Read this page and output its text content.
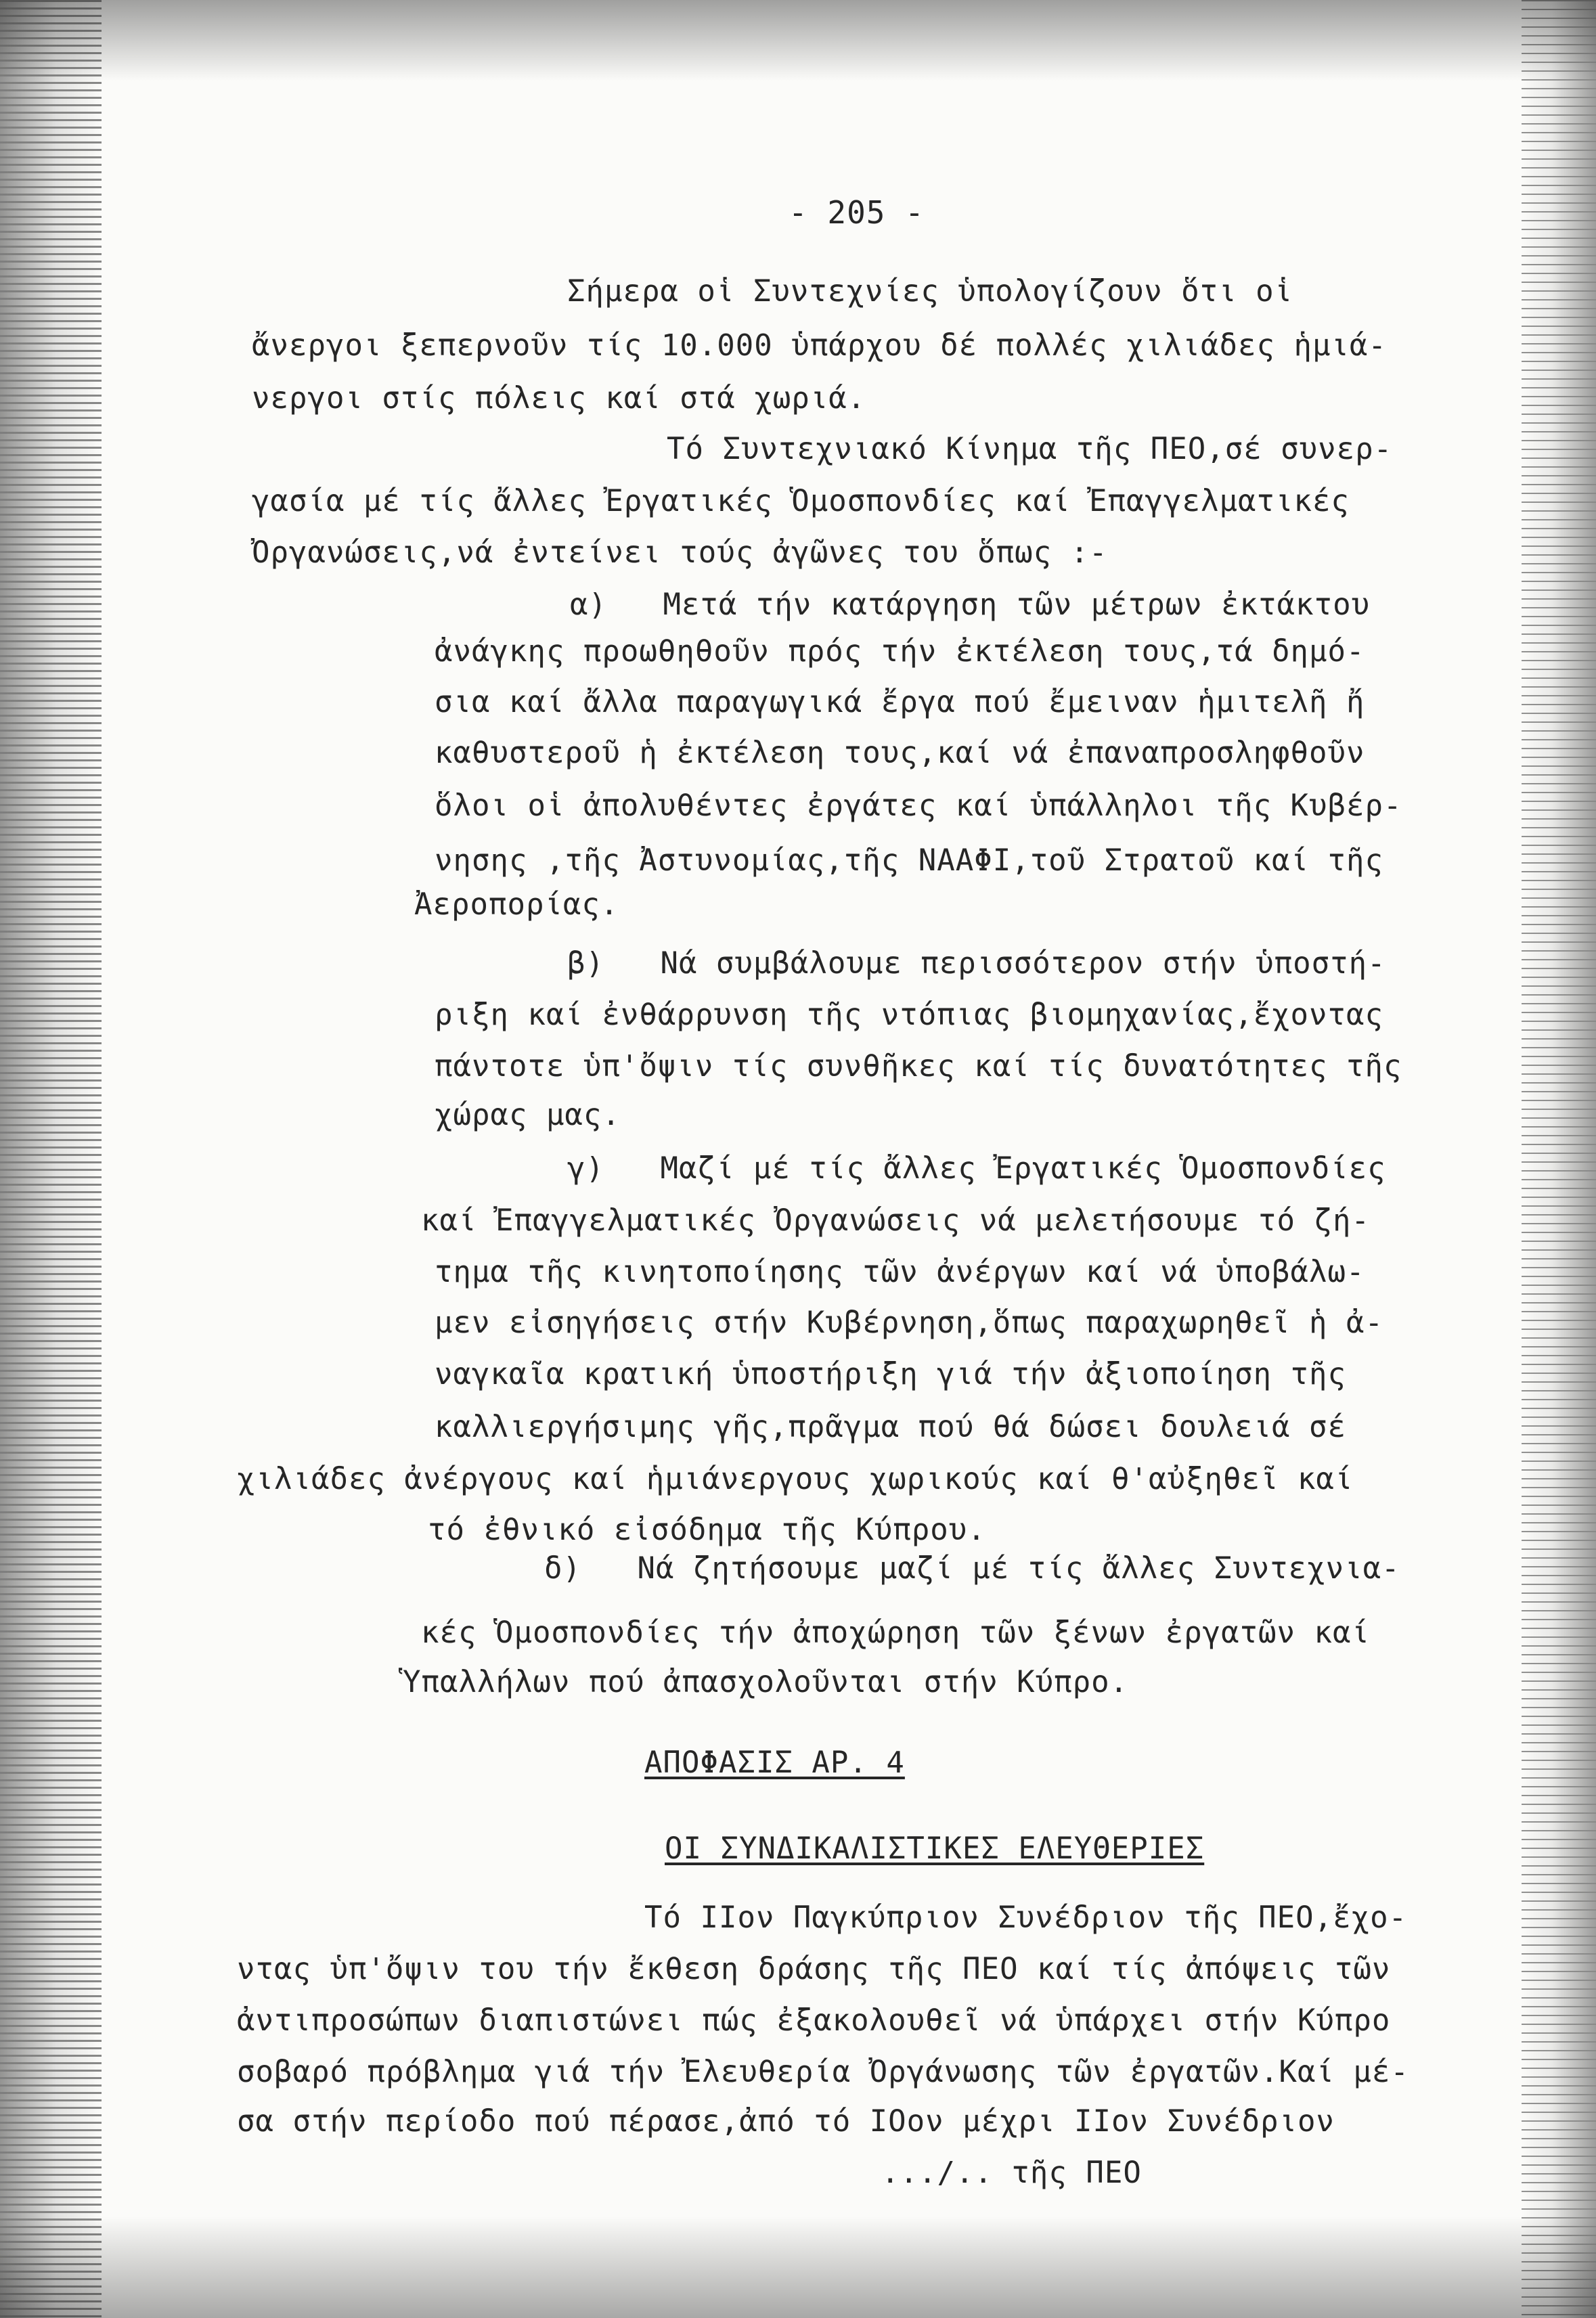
- 205 -
Σήμερα οἱ Συντεχνίες ὑπολογίζουν ὅτι οἱ
ἄνεργοι ξεπερνοῦν τίς 10.000 ὑπάρχου δέ πολλές χιλιάδες ἡμιά-
νεργοι στίς πόλεις καί στά χωριά.
Τό Συντεχνιακό Κίνημα τῆς ΠΕΟ,σέ συνερ-
γασία μέ τίς ἄλλες Ἐργατικές Ὁμοσπονδίες καί Ἐπαγγελματικές
Ὀργανώσεις,νά ἐντείνει τούς ἀγῶνες του ὅπως :-
α)   Μετά τήν κατάργηση τῶν μέτρων ἐκτάκτου
ἀνάγκης προωθηθοῦν πρός τήν ἐκτέλεση τους,τά δημό-
σια καί ἄλλα παραγωγικά ἔργα πού ἔμειναν ἡμιτελῆ ἤ
καθυστεροῦ ἡ ἐκτέλεση τους,καί νά ἐπαναπροσληφθοῦν
ὅλοι οἱ ἀπολυθέντες ἐργάτες καί ὑπάλληλοι τῆς Κυβέρ-
νησης ,τῆς Ἀστυνομίας,τῆς ΝΑΑΦΙ,τοῦ Στρατοῦ καί τῆς
Ἀεροπορίας.
β)   Νά συμβάλουμε περισσότερον στήν ὑποστή-
ριξη καί ἐνθάρρυνση τῆς ντόπιας βιομηχανίας,ἔχοντας
πάντοτε ὑπ'ὄψιν τίς συνθῆκες καί τίς δυνατότητες τῆς
χώρας μας.
γ)   Μαζί μέ τίς ἄλλες Ἐργατικές Ὁμοσπονδίες
καί Ἐπαγγελματικές Ὀργανώσεις νά μελετήσουμε τό ζή-
τημα τῆς κινητοποίησης τῶν ἀνέργων καί νά ὑποβάλω-
μεν εἰσηγήσεις στήν Κυβέρνηση,ὅπως παραχωρηθεῖ ἡ ἀ-
ναγκαῖα κρατική ὑποστήριξη γιά τήν ἀξιοποίηση τῆς
καλλιεργήσιμης γῆς,πρᾶγμα πού θά δώσει δουλειά σέ
χιλιάδες ἀνέργους καί ἡμιάνεργους χωρικούς καί θ'αὐξηθεῖ καί
τό ἐθνικό εἰσόδημα τῆς Κύπρου.
δ)   Νά ζητήσουμε μαζί μέ τίς ἄλλες Συντεχνια-
κές Ὁμοσπονδίες τήν ἀποχώρηση τῶν ξένων ἐργατῶν καί
Ὑπαλλήλων πού ἀπασχολοῦνται στήν Κύπρο.
ΑΠΟΦΑΣΙΣ ΑΡ. 4
ΟΙ ΣΥΝΔΙΚΑΛΙΣΤΙΚΕΣ ΕΛΕΥΘΕΡΙΕΣ
Τό ΙΙον Παγκύπριον Συνέδριον τῆς ΠΕΟ,ἔχο-
ντας ὑπ'ὄψιν του τήν ἔκθεση δράσης τῆς ΠΕΟ καί τίς ἀπόψεις τῶν
ἀντιπροσώπων διαπιστώνει πώς ἐξακολουθεῖ νά ὑπάρχει στήν Κύπρο
σοβαρό πρόβλημα γιά τήν Ἐλευθερία Ὀργάνωσης τῶν ἐργατῶν.Καί μέ-
σα στήν περίοδο πού πέρασε,ἀπό τό ΙΟον μέχρι ΙΙον Συνέδριον
.../.. τῆς ΠΕΟ
